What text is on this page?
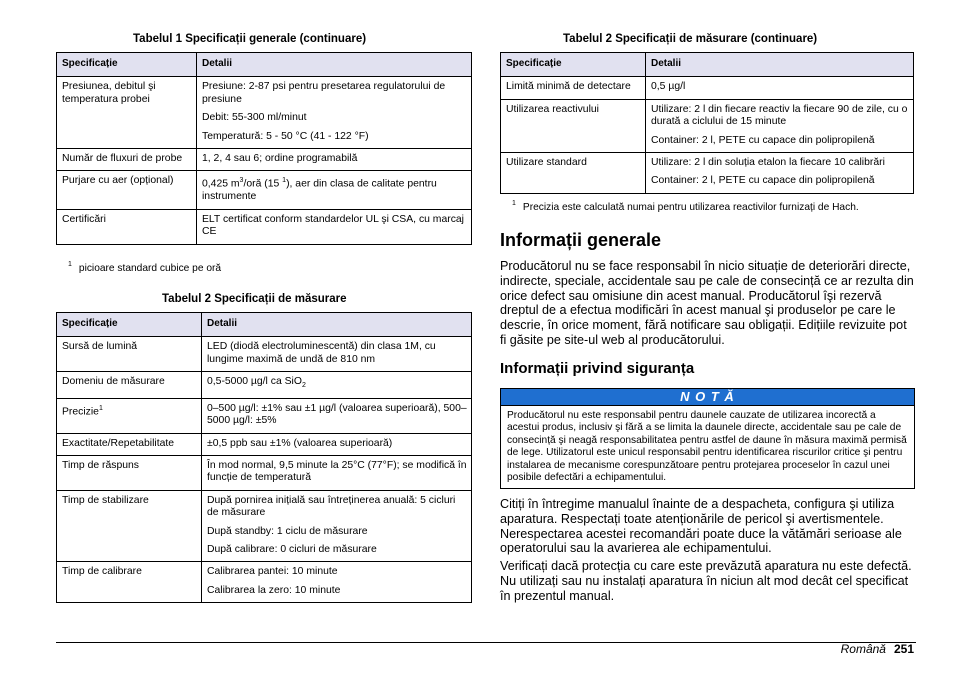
Tabelul 1 Specificații generale (continuare)
Specificație	Detalii
Presiunea, debitul şi temperatura probei	Presiune: 2-87 psi pentru presetarea regulatorului de presiune

Debit: 55-300 ml/minut

Temperatură: 5 - 50 °C (41 - 122 °F)

Număr de fluxuri de probe	1, 2, 4 sau 6; ordine programabilă

Purjare cu aer (opțional)	0,425 $m^3$/oră (15 $^1$), aer din clasa de calitate pentru instrumente
Certificări	ELT certificat conform standardelor UL şi CSA, cu marcaj CE

$^1$ picioare standard cubice pe oră
Tabelul 2 Specificații de măsurare
Specificație	Detalii
Sursă de lumină	LED (diodă electroluminescentă) din clasa 1M, cu lungime maximă de undă de 810 nm

Domeniu de măsurare	0,5-5000 µg/l ca SiO$_2$
Precizie$^1$	0–500 µg/l: ±1% sau ±1 µg/l (valoarea superioară), 500–5000 µg/l: ±5%

Exactitate/Repetabilitate	±0,5 ppb sau ±1% (valoarea superioară)

Timp de răspuns	În mod normal, 9,5 minute la 25°C (77°F); se modifică în funcție de temperatură

Timp de stabilizare	După pornirea inițială sau întreținerea anuală: 5 cicluri de măsurare

După standby: 1 ciclu de măsurare

După calibrare: 0 cicluri de măsurare

Timp de calibrare	Calibrarea pantei: 10 minute

Calibrarea la zero: 10 minute

Tabelul 2 Specificații de măsurare (continuare)
Specificație	Detalii
Limită minimă de detectare	0,5 µg/l

Utilizarea reactivului	Utilizare: 2 l din fiecare reactiv la fiecare 90 de zile, cu o durată a ciclului de 15 minute

Container: 2 l, PETE cu capace din polipropilenă

Utilizare standard	Utilizare: 2 l din soluția etalon la fiecare 10 calibrări

Container: 2 l, PETE cu capace din polipropilenă

$^1$ Precizia este calculată numai pentru utilizarea reactivilor furnizați de Hach.
Informații generale

Producătorul nu se face responsabil în nicio situație de deteriorări directe, indirecte, speciale, accidentale sau pe cale de consecință ce ar rezulta din orice defect sau omisiune din acest manual. Producătorul îşi rezervă dreptul de a efectua modificări în acest manual şi produselor pe care le descrie, în orice moment, fără notificare sau obligații. Edițiile revizuite pot fi găsite pe site-ul web al producătorului.

Informații privind siguranța
N O T Ă
Producătorul nu este responsabil pentru daunele cauzate de utilizarea incorectă a acestui produs, inclusiv şi fără a se limita la daunele directe, accidentale sau pe cale de consecință şi neagă responsabilitatea pentru astfel de daune în măsura maximă permisă de lege. Utilizatorul este unicul responsabil pentru identificarea riscurilor critice şi pentru instalarea de mecanisme corespunzătoare pentru protejarea proceselor în cazul unei posibile defectări a echipamentului.

Citiți în întregime manualul înainte de a despacheta, configura şi utiliza aparatura. Respectați toate atenționările de pericol şi avertismentele. Nerespectarea acestei recomandări poate duce la vătămări serioase ale operatorului sau la avarierea ale echipamentului.

Verificați dacă protecția cu care este prevăzută aparatura nu este defectă. Nu utilizați sau nu instalați aparatura în niciun alt mod decât cel specificat în prezentul manual.

Română 251
